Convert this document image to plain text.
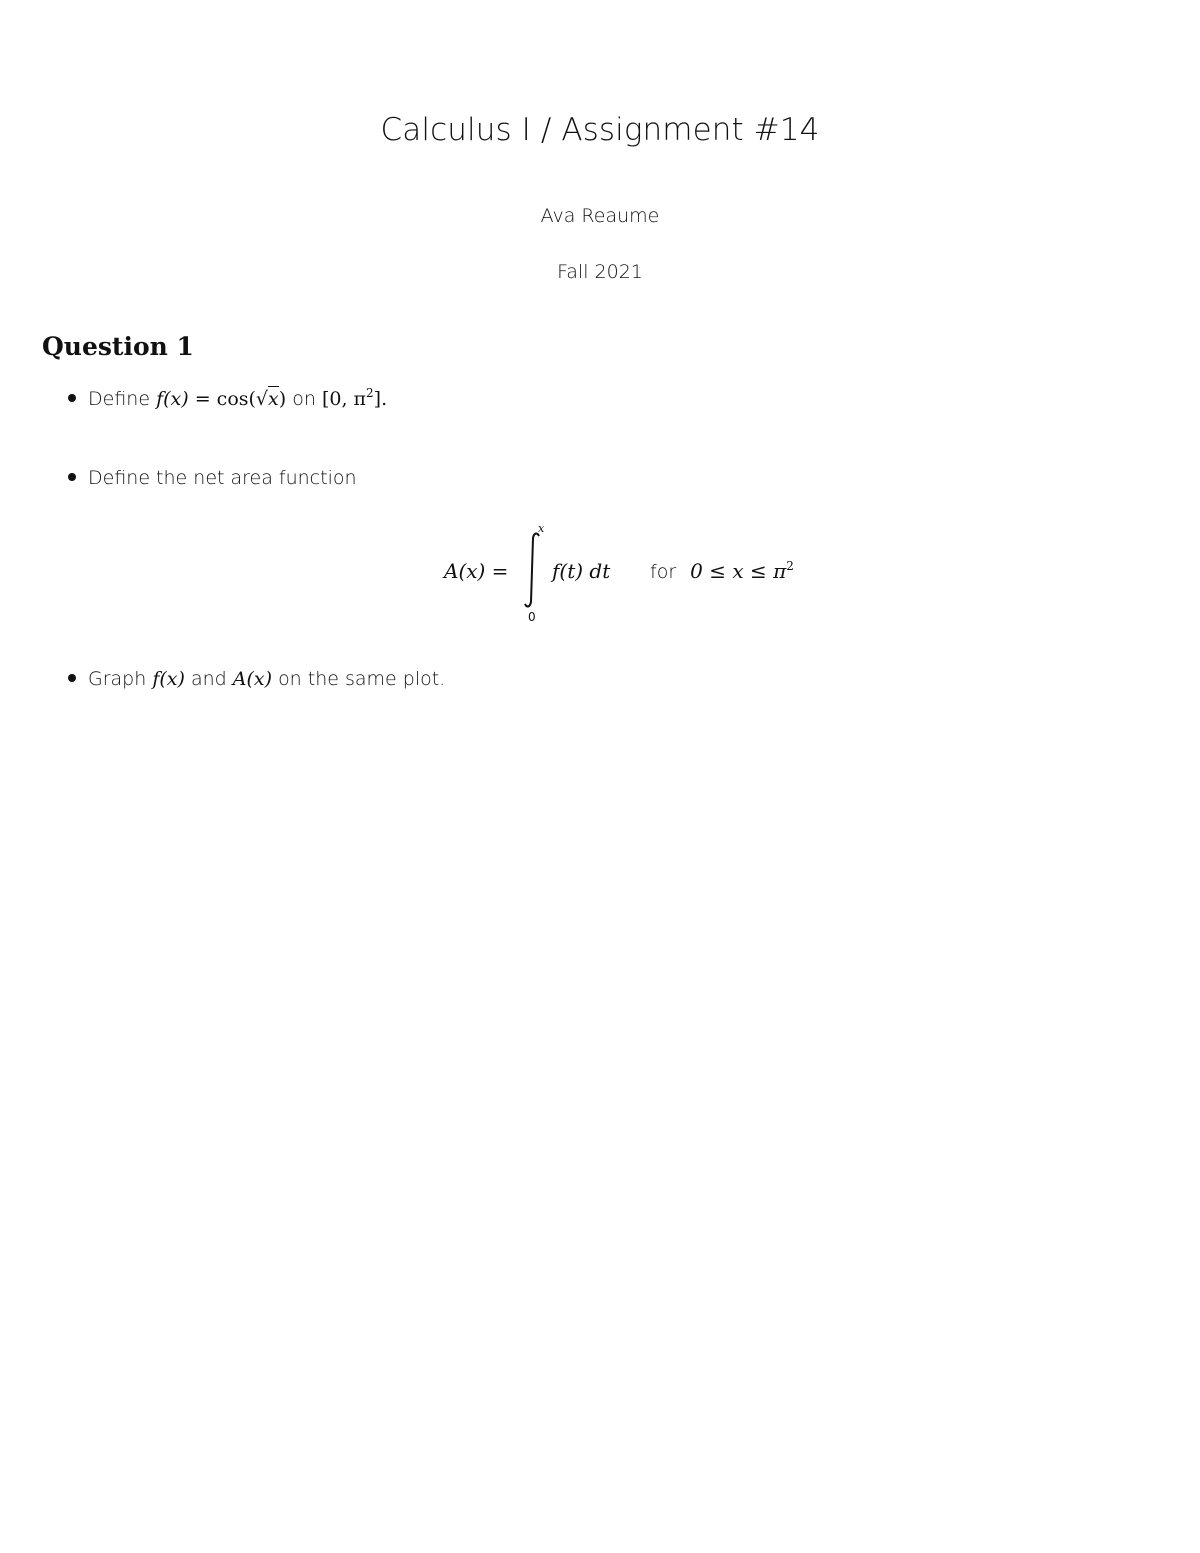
Calculus I / Assignment #14
Ava Reaume
Fall 2021
Question 1
Define f(x) = cos(√x) on [0, $\pi^2$].
Define the net area function
A(x) =
x
0
f(t) dt for $0 \le x \le \pi^2$
Graph f(x) and A(x) on the same plot.
